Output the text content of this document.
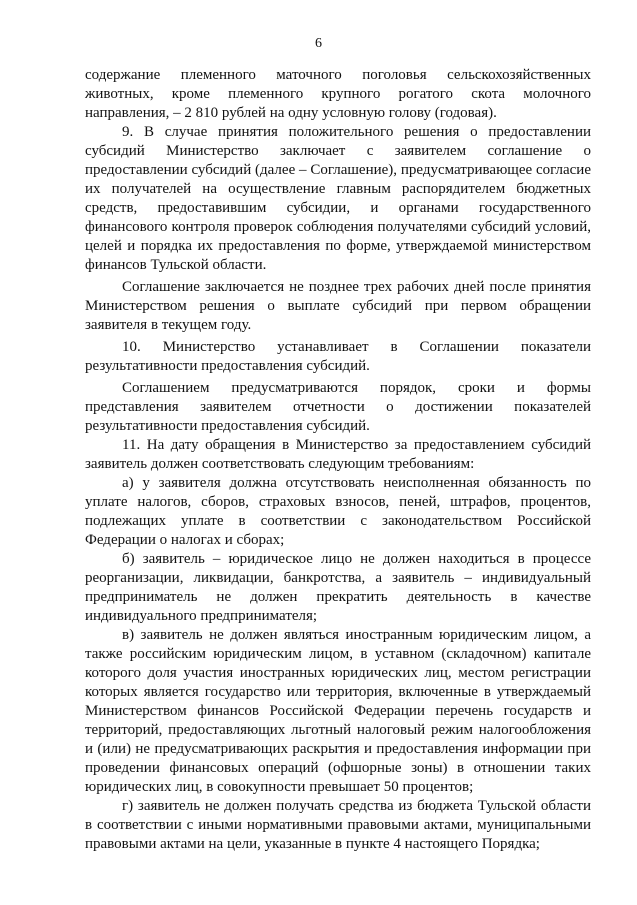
6

содержание племенного маточного поголовья сельскохозяйственных животных, кроме племенного крупного рогатого скота молочного направления, – 2 810 рублей на одну условную голову (годовая).

9. В случае принятия положительного решения о предоставлении субсидий Министерство заключает с заявителем соглашение о предоставлении субсидий (далее – Соглашение), предусматривающее согласие их получателей на осуществление главным распорядителем бюджетных средств, предоставившим субсидии, и органами государственного финансового контроля проверок соблюдения получателями субсидий условий, целей и порядка их предоставления по форме, утверждаемой министерством финансов Тульской области.

Соглашение заключается не позднее трех рабочих дней после принятия Министерством решения о выплате субсидий при первом обращении заявителя в текущем году.

10. Министерство устанавливает в Соглашении показатели результативности предоставления субсидий.

Соглашением предусматриваются порядок, сроки и формы представления заявителем отчетности о достижении показателей результативности предоставления субсидий.

11. На дату обращения в Министерство за предоставлением субсидий заявитель должен соответствовать следующим требованиям:

а) у заявителя должна отсутствовать неисполненная обязанность по уплате налогов, сборов, страховых взносов, пеней, штрафов, процентов, подлежащих уплате в соответствии с законодательством Российской Федерации о налогах и сборах;

б) заявитель – юридическое лицо не должен находиться в процессе реорганизации, ликвидации, банкротства, а заявитель – индивидуальный предприниматель не должен прекратить деятельность в качестве индивидуального предпринимателя;

в) заявитель не должен являться иностранным юридическим лицом, а также российским юридическим лицом, в уставном (складочном) капитале которого доля участия иностранных юридических лиц, местом регистрации которых является государство или территория, включенные в утверждаемый Министерством финансов Российской Федерации перечень государств и территорий, предоставляющих льготный налоговый режим налогообложения и (или) не предусматривающих раскрытия и предоставления информации при проведении финансовых операций (офшорные зоны) в отношении таких юридических лиц, в совокупности превышает 50 процентов;

г) заявитель не должен получать средства из бюджета Тульской области в соответствии с иными нормативными правовыми актами, муниципальными правовыми актами на цели, указанные в пункте 4 настоящего Порядка;
